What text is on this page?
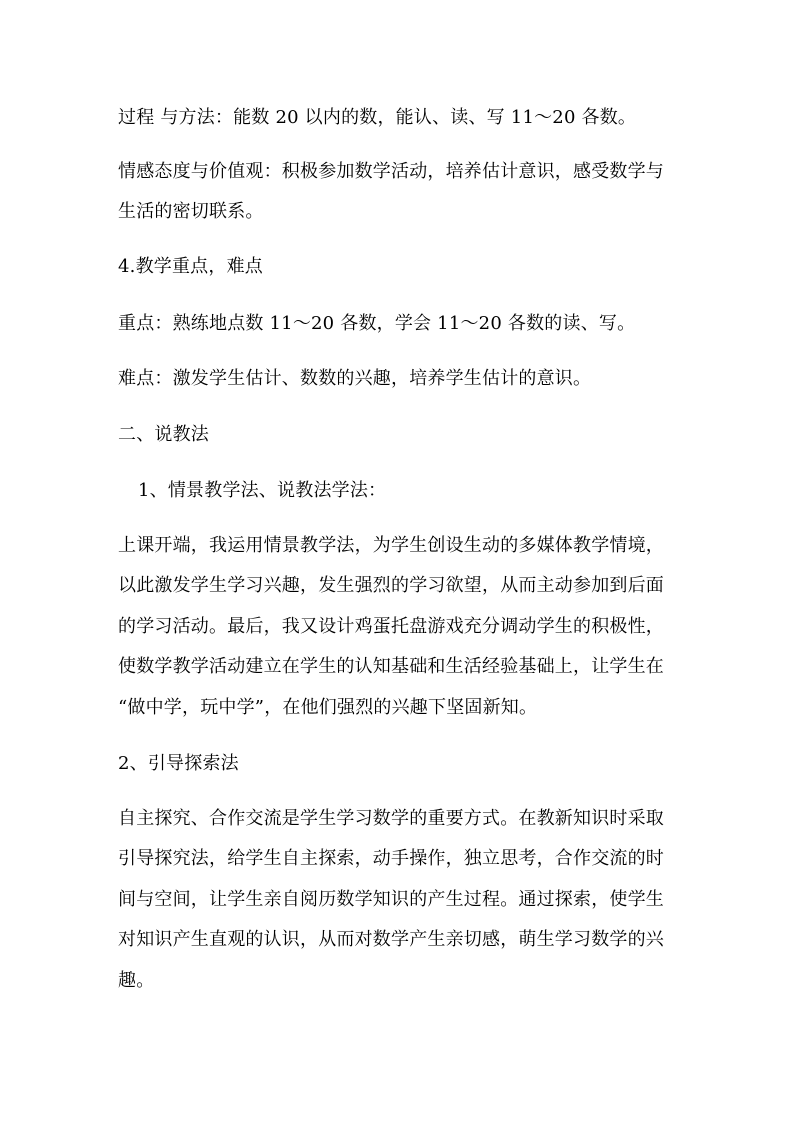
过程 与方法：能数 20 以内的数，能认、读、写 11～20 各数。
情感态度与价值观：积极参加数学活动，培养估计意识，感受数学与
生活的密切联系。
4.教学重点，难点
重点：熟练地点数 11～20 各数，学会 11～20 各数的读、写。
难点：激发学生估计、数数的兴趣，培养学生估计的意识。
二、说教法
1、情景教学法、说教法学法：
上课开端，我运用情景教学法，为学生创设生动的多媒体教学情境，
以此激发学生学习兴趣，发生强烈的学习欲望，从而主动参加到后面
的学习活动。最后，我又设计鸡蛋托盘游戏充分调动学生的积极性，
使数学教学活动建立在学生的认知基础和生活经验基础上，让学生在
“做中学，玩中学”，在他们强烈的兴趣下坚固新知。
2、引导探索法
自主探究、合作交流是学生学习数学的重要方式。在教新知识时采取
引导探究法，给学生自主探索，动手操作，独立思考，合作交流的时
间与空间，让学生亲自阅历数学知识的产生过程。通过探索，使学生
对知识产生直观的认识，从而对数学产生亲切感，萌生学习数学的兴
趣。
